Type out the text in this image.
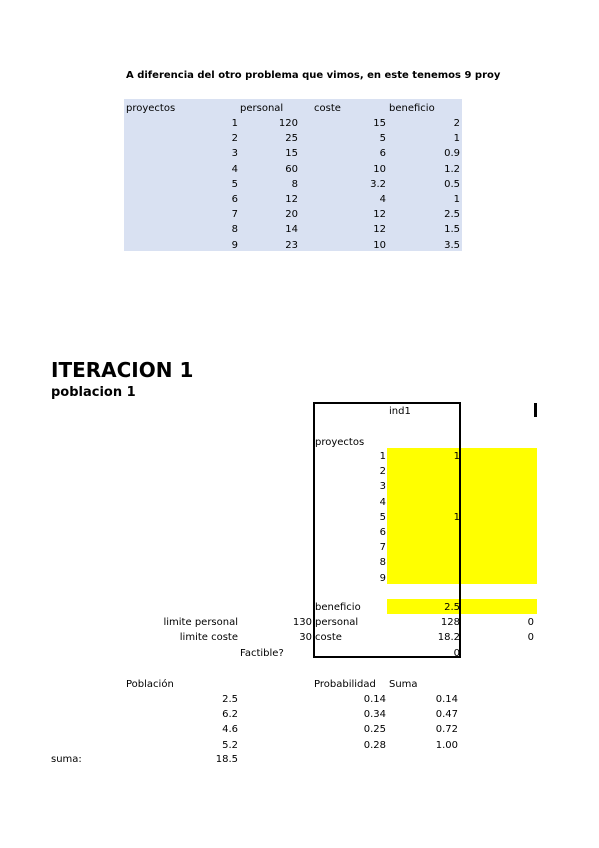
A diferencia del otro problema que vimos, en este tenemos 9 proy
proyectos	personal	coste	beneficio
1	120	15	2
2	25	5	1
3	15	6	0.9
4	60	10	1.2
5	8	3.2	0.5
6	12	4	1
7	20	12	2.5
8	14	12	1.5
9	23	10	3.5
ITERACION 1
poblacion 1
ind1
proyectos
1	1
2
3
4
5	1
6
7
8
9
beneficio	2.5
limite personal	130 personal	128	0
limite coste	30 coste	18.2	0
Factible?	0
Población	Probabilidad Suma
2.5	0.14	0.14
6.2	0.34	0.47
4.6	0.25	0.72
5.2	0.28	1.00
suma:	18.5
